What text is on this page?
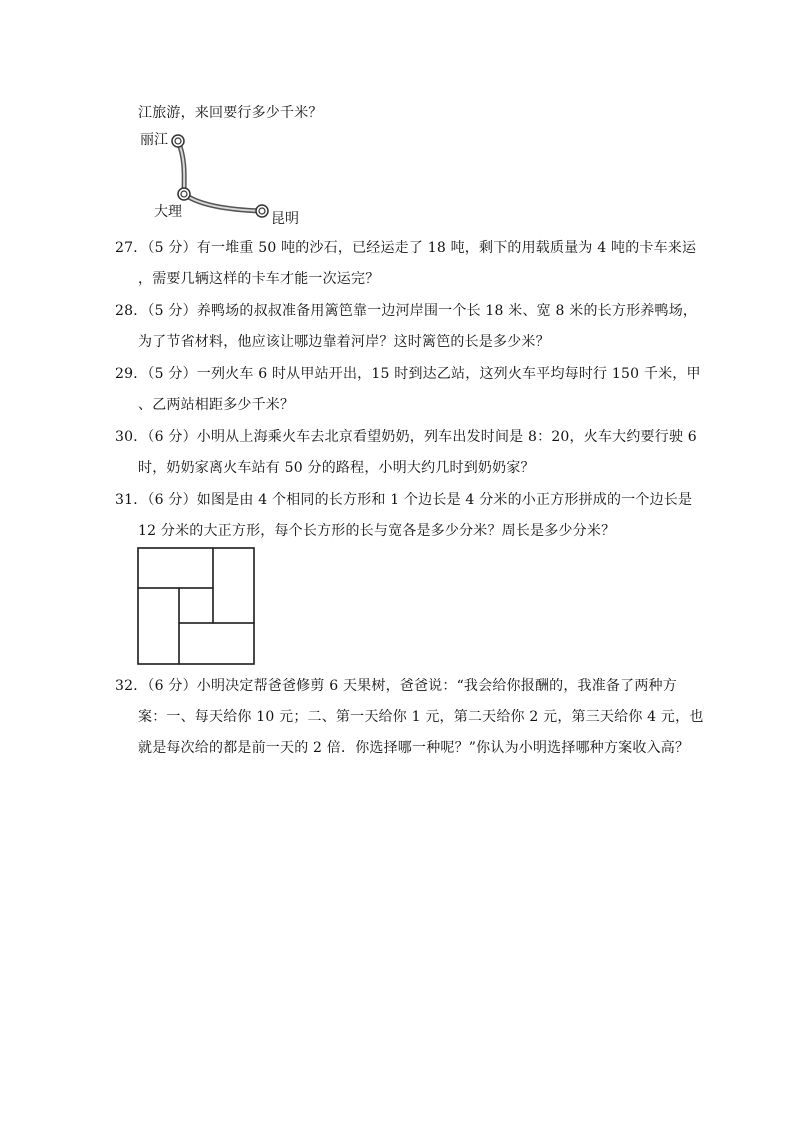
江旅游，来回要行多少千米？
丽江
大理	昆明
27．（5 分）有一堆重 50 吨的沙石，已经运走了 18 吨，剩下的用载质量为 4 吨的卡车来运
，需要几辆这样的卡车才能一次运完？
28．（5 分）养鸭场的叔叔准备用篱笆靠一边河岸围一个长 18 米、宽 8 米的长方形养鸭场，
为了节省材料，他应该让哪边靠着河岸？这时篱笆的长是多少米？
29．（5 分）一列火车 6 时从甲站开出，15 时到达乙站，这列火车平均每时行 150 千米，甲
、乙两站相距多少千米？
30．（6 分）小明从上海乘火车去北京看望奶奶，列车出发时间是 8：20，火车大约要行驶 6
时，奶奶家离火车站有 50 分的路程，小明大约几时到奶奶家？
31．（6 分）如图是由 4 个相同的长方形和 1 个边长是 4 分米的小正方形拼成的一个边长是
12 分米的大正方形，每个长方形的长与宽各是多少分米？周长是多少分米？
32．（6 分）小明决定帮爸爸修剪 6 天果树，爸爸说：“我会给你报酬的，我准备了两种方
案：一、每天给你 10 元；二、第一天给你 1 元，第二天给你 2 元，第三天给你 4 元，也
就是每次给的都是前一天的 2 倍．你选择哪一种呢？”你认为小明选择哪种方案收入高？
